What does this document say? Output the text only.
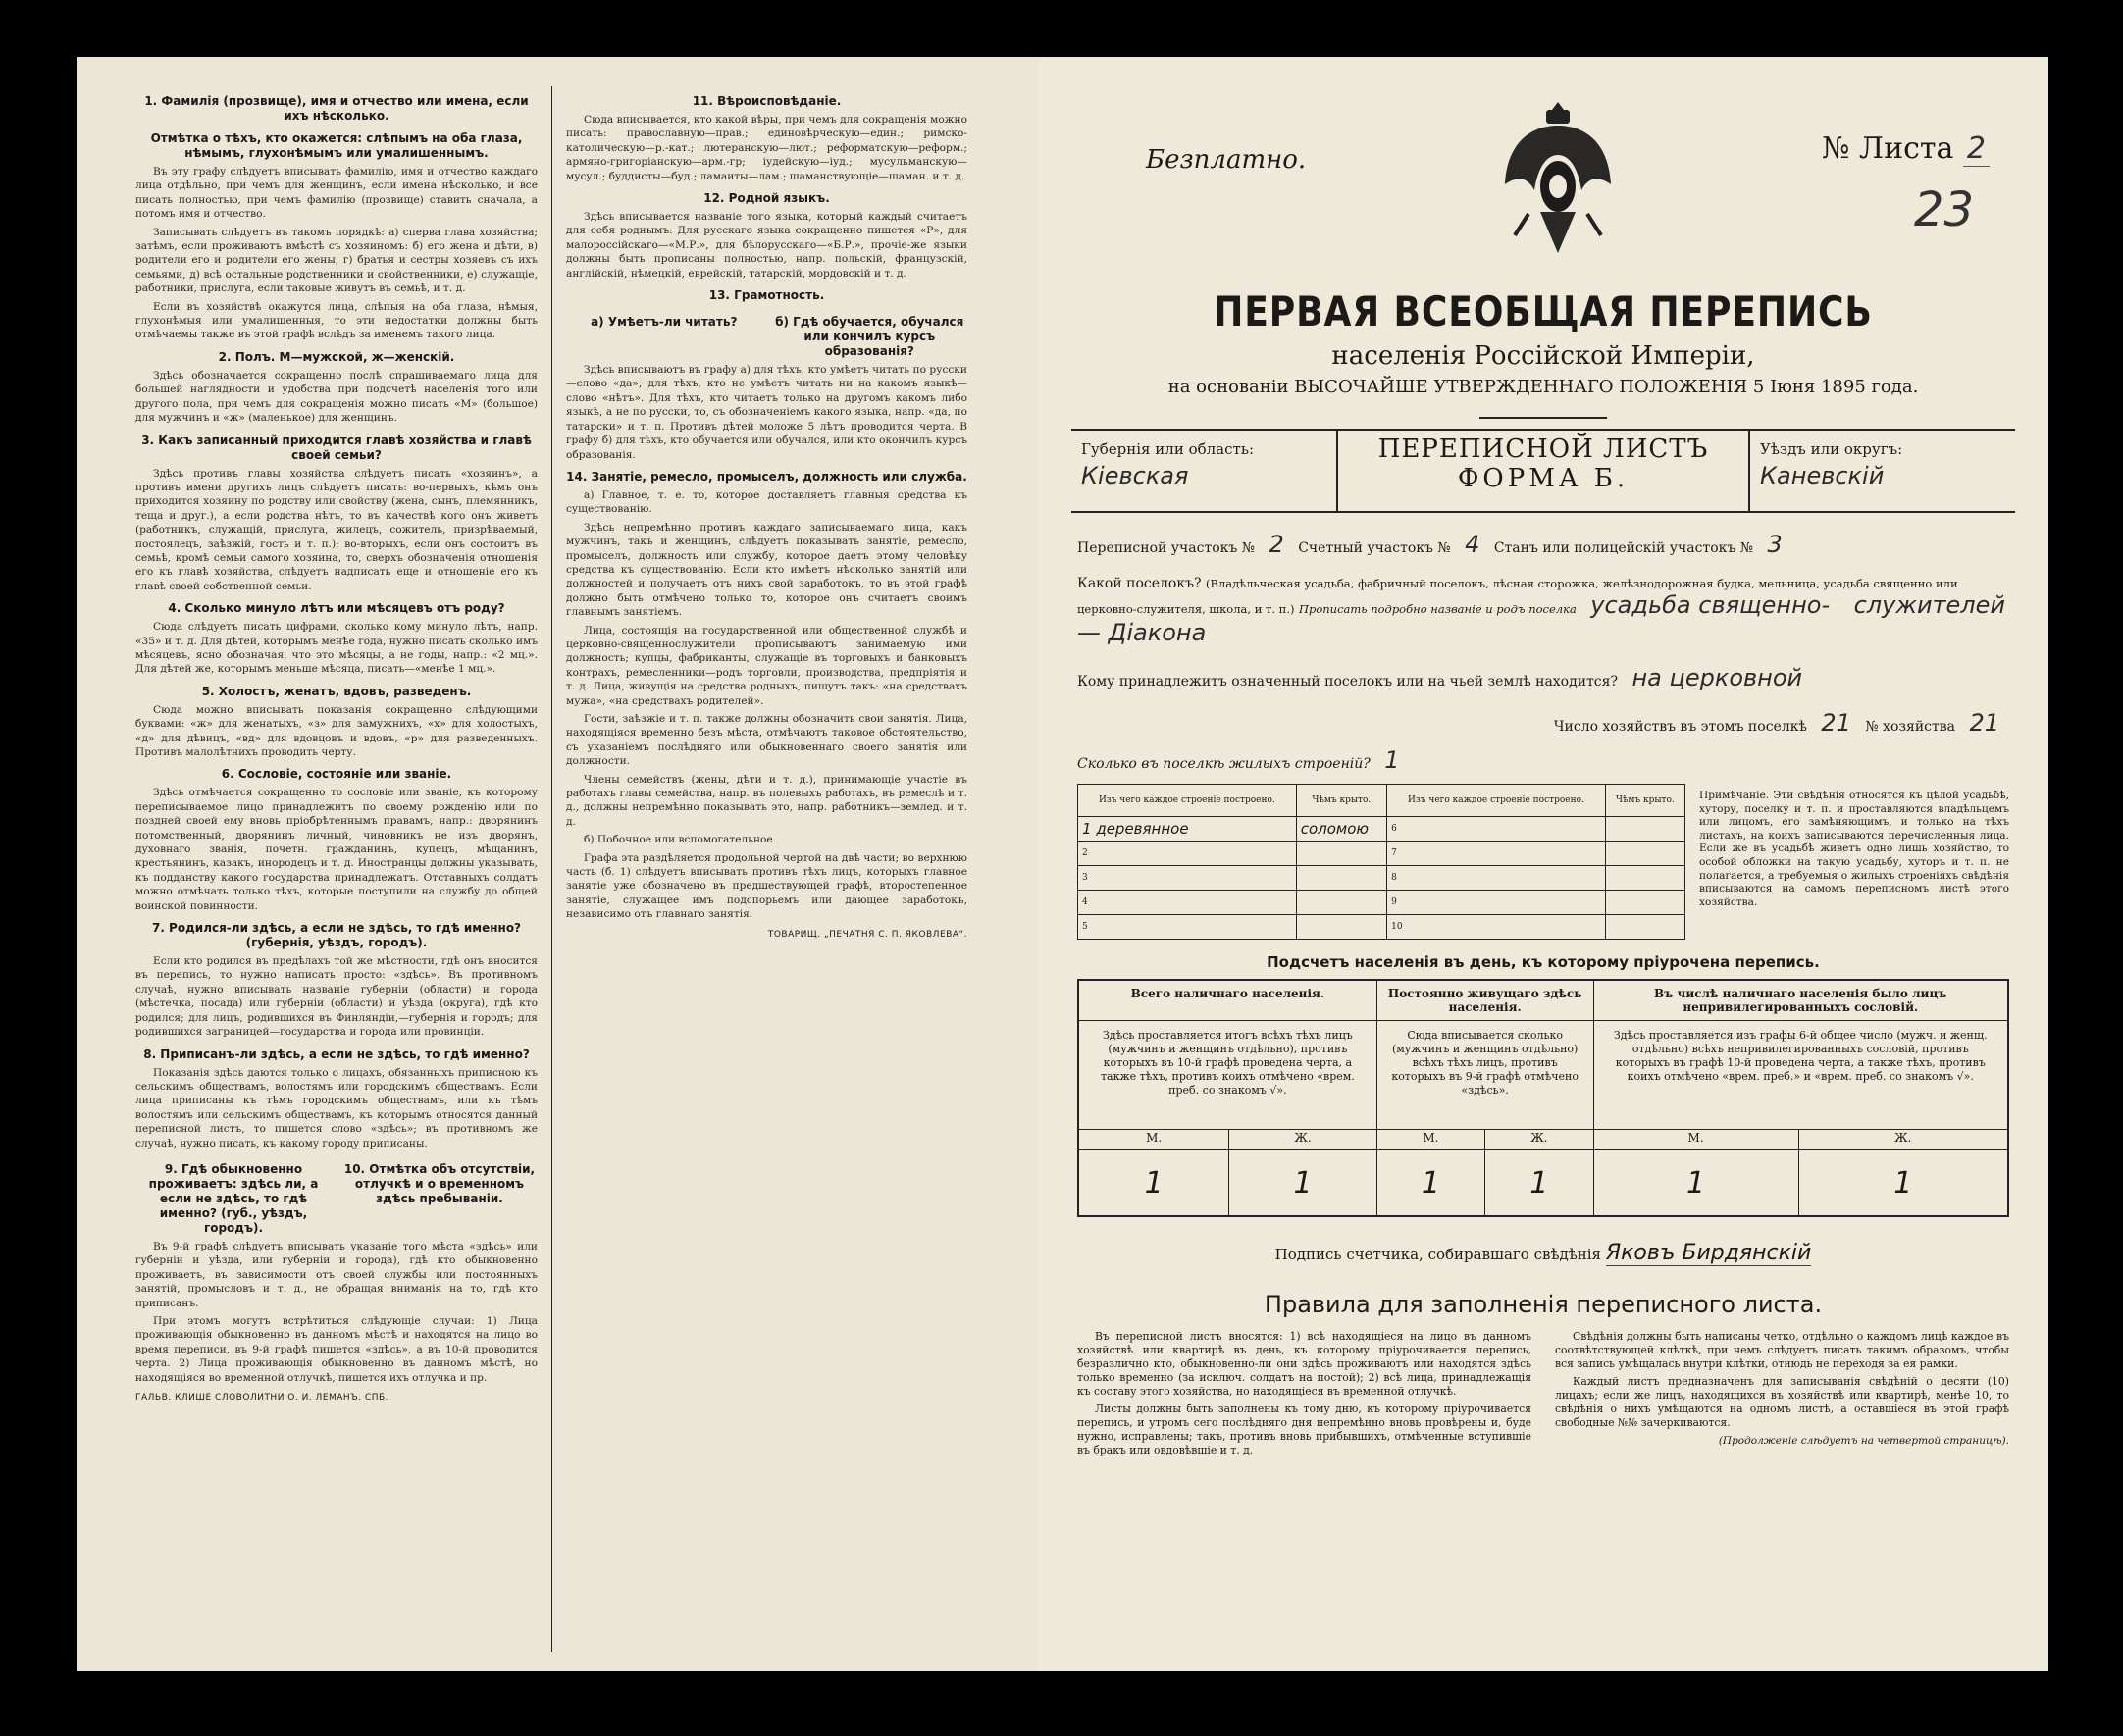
1. Фамилія (прозвище), имя и отчество или имена, если ихъ нѣсколько.
Отмѣтка о тѣхъ, кто окажется: слѣпымъ на оба глаза, нѣмымъ, глухонѣмымъ или умалишеннымъ.

Въ эту графу слѣдуетъ вписывать фамилію, имя и отчество каждаго лица отдѣльно, при чемъ для женщинъ, если имена нѣсколько, и все писать полностью, при чемъ фамилію (прозвище) ставить сначала, а потомъ имя и отчество.

Записывать слѣдуетъ въ такомъ порядкѣ: а) сперва глава хозяйства; затѣмъ, если проживаютъ вмѣстѣ съ хозяиномъ: б) его жена и дѣти, в) родители его и родители его жены, г) братья и сестры хозяевъ съ ихъ семьями, д) всѣ остальные родственники и свойственники, е) служащіе, работники, прислуга, если таковые живутъ въ семьѣ, и т. д.

Если въ хозяйствѣ окажутся лица, слѣпыя на оба глаза, нѣмыя, глухонѣмыя или умалишенныя, то эти недостатки должны быть отмѣчаемы также въ этой графѣ вслѣдъ за именемъ такого лица.

2. Полъ. М—мужской, ж—женскій.

Здѣсь обозначается сокращенно послѣ спрашиваемаго лица для большей наглядности и удобства при подсчетѣ населенія того или другого пола, при чемъ для сокращенія можно писать «М» (большое) для мужчинъ и «ж» (маленькое) для женщинъ.

3. Какъ записанный приходится главѣ хозяйства и главѣ своей семьи?

Здѣсь противъ главы хозяйства слѣдуетъ писать «хозяинъ», а противъ имени другихъ лицъ слѣдуетъ писать: во-первыхъ, кѣмъ онъ приходится хозяину по родству или свойству (жена, сынъ, племянникъ, теща и друг.), а если родства нѣтъ, то въ качествѣ кого онъ живетъ (работникъ, служащій, прислуга, жилецъ, сожитель, призрѣваемый, постоялецъ, заѣзжій, гость и т. п.); во-вторыхъ, если онъ состоитъ въ семьѣ, кромѣ семьи самого хозяина, то, сверхъ обозначенія отношенія его къ главѣ хозяйства, слѣдуетъ надписать еще и отношеніе его къ главѣ своей собственной семьи.

4. Сколько минуло лѣтъ или мѣсяцевъ отъ роду?

Сюда слѣдуетъ писать цифрами, сколько кому минуло лѣтъ, напр. «35» и т. д. Для дѣтей, которымъ менѣе года, нужно писать сколько имъ мѣсяцевъ, ясно обозначая, что это мѣсяцы, а не годы, напр.: «2 мц.». Для дѣтей же, которымъ меньше мѣсяца, писать—«менѣе 1 мц.».

5. Холостъ, женатъ, вдовъ, разведенъ.

Сюда можно вписывать показанія сокращенно слѣдующими буквами: «ж» для женатыхъ, «з» для замужнихъ, «х» для холостыхъ, «д» для дѣвицъ, «вд» для вдовцовъ и вдовъ, «р» для разведенныхъ. Противъ малолѣтнихъ проводить черту.

6. Сословіе, состояніе или званіе.

Здѣсь отмѣчается сокращенно то сословіе или званіе, къ которому переписываемое лицо принадлежитъ по своему рожденію или по поздней своей ему вновь пріобрѣтеннымъ правамъ, напр.: дворянинъ потомственный, дворянинъ личный, чиновникъ не изъ дворянъ, духовнаго званія, почетн. гражданинъ, купецъ, мѣщанинъ, крестьянинъ, казакъ, инородецъ и т. д. Иностранцы должны указывать, къ подданству какого государства принадлежатъ. Отставныхъ солдатъ можно отмѣчать только тѣхъ, которые поступили на службу до общей воинской повинности.

7. Родился-ли здѣсь, а если не здѣсь, то гдѣ именно? (губернія, уѣздъ, городъ).

Если кто родился въ предѣлахъ той же мѣстности, гдѣ онъ вносится въ перепись, то нужно написать просто: «здѣсь». Въ противномъ случаѣ, нужно вписывать названіе губерніи (области) и города (мѣстечка, посада) или губерніи (области) и уѣзда (округа), гдѣ кто родился; для лицъ, родившихся въ Финляндіи,—губернія и городъ; для родившихся заграницей—государства и города или провинціи.

8. Приписанъ-ли здѣсь, а если не здѣсь, то гдѣ именно?

Показанія здѣсь даются только о лицахъ, обязанныхъ приписною къ сельскимъ обществамъ, волостямъ или городскимъ обществамъ. Если лица приписаны къ тѣмъ городскимъ обществамъ, или къ тѣмъ волостямъ или сельскимъ обществамъ, къ которымъ относятся данный переписной листъ, то пишется слово «здѣсь»; въ противномъ же случаѣ, нужно писать, къ какому городу приписаны.

9. Гдѣ обыкновенно проживаетъ: здѣсь ли, а если не здѣсь, то гдѣ именно? (губ., уѣздъ, городъ).
10. Отмѣтка объ отсутствіи, отлучкѣ и о временномъ здѣсь пребываніи.

Въ 9-й графѣ слѣдуетъ вписывать указаніе того мѣста «здѣсь» или губерніи и уѣзда, или губерніи и города), гдѣ кто обыкновенно проживаетъ, въ зависимости отъ своей службы или постоянныхъ занятій, промысловъ и т. д., не обращая вниманія на то, гдѣ кто приписанъ.

При этомъ могутъ встрѣтиться слѣдующіе случаи: 1) Лица проживающія обыкновенно въ данномъ мѣстѣ и находятся на лицо во время переписи, въ 9-й графѣ пишется «здѣсь», а въ 10-й проводится черта. 2) Лица проживающія обыкновенно въ данномъ мѣстѣ, но находящіяся во временной отлучкѣ, пишется ихъ отлучка и пр.

ГАЛЬВ. КЛИШЕ СЛОВОЛИТНИ О. И. ЛЕМАНЪ. СПБ.
11. Вѣроисповѣданіе.

Сюда вписывается, кто какой вѣры, при чемъ для сокращенія можно писать: православную—прав.; единовѣрческую—един.; римско-католическую—р.-кат.; лютеранскую—лют.; реформатскую—реформ.; армяно-григоріанскую—арм.-гр; іудейскую—іуд.; мусульманскую—мусул.; буддисты—буд.; ламаиты—лам.; шаманствующіе—шаман. и т. д.

12. Родной языкъ.

Здѣсь вписывается названіе того языка, который каждый считаетъ для себя роднымъ. Для русскаго языка сокращенно пишется «Р», для малороссійскаго—«М.Р.», для бѣлорусскаго—«Б.Р.», прочіе-же языки должны быть прописаны полностью, напр. польскій, французскій, англійскій, нѣмецкій, еврейскій, татарскій, мордовскій и т. д.

13. Грамотность.
а) Умѣетъ-ли читать?	б) Гдѣ обучается, обучался или кончилъ курсъ образованія?

Здѣсь вписываютъ въ графу а) для тѣхъ, кто умѣетъ читать по русски—слово «да»; для тѣхъ, кто не умѣетъ читать ни на какомъ языкѣ—слово «нѣтъ». Для тѣхъ, кто читаетъ только на другомъ какомъ либо языкѣ, а не по русски, то, съ обозначеніемъ какого языка, напр. «да, по татарски» и т. п. Противъ дѣтей моложе 5 лѣтъ проводится черта. В графу б) для тѣхъ, кто обучается или обучался, или кто окончилъ курсъ образованія.

14. Занятіе, ремесло, промыселъ, должность или служба.

а) Главное, т. е. то, которое доставляетъ главныя средства къ существованію.

Здѣсь непремѣнно противъ каждаго записываемаго лица, какъ мужчинъ, такъ и женщинъ, слѣдуетъ показывать занятіе, ремесло, промыселъ, должность или службу, которое даетъ этому человѣку средства къ существованію. Если кто имѣетъ нѣсколько занятій или должностей и получаетъ отъ нихъ свой заработокъ, то въ этой графѣ должно быть отмѣчено только то, которое онъ считаетъ своимъ главнымъ занятіемъ.

Лица, состоящія на государственной или общественной службѣ и церковно-священнослужители прописываютъ занимаемую ими должность; купцы, фабриканты, служащіе въ торговыхъ и банковыхъ контрахъ, ремесленники—родъ торговли, производства, предпріятія и т. д. Лица, живущія на средства родныхъ, пишутъ такъ: «на средствахъ мужа», «на средствахъ родителей».

Гости, заѣзжіе и т. п. также должны обозначить свои занятія. Лица, находящіяся временно безъ мѣста, отмѣчаютъ таковое обстоятельство, съ указаніемъ послѣдняго или обыкновеннаго своего занятія или должности.

Члены семействъ (жены, дѣти и т. д.), принимающіе участіе въ работахъ главы семейства, напр. въ полевыхъ работахъ, въ ремеслѣ и т. д., должны непремѣнно показывать это, напр. работникъ—землед. и т. д.

б) Побочное или вспомогательное.

Графа эта раздѣляется продольной чертой на двѣ части; во верхнюю часть (б. 1) слѣдуетъ вписывать противъ тѣхъ лицъ, которыхъ главное занятіе уже обозначено въ предшествующей графѣ, второстепенное занятіе, служащее имъ подспорьемъ или дающее заработокъ, независимо отъ главнаго занятія.

ТОВАРИЩ. „ПЕЧАТНЯ С. П. ЯКОВЛЕВА“.
Безплатно.	№ Листа 2
23
ПЕРВАЯ ВСЕОБЩАЯ ПЕРЕПИСЬ
населенія Россійской Имперіи,
на основаніи ВЫСОЧАЙШЕ УТВЕРЖДЕННАГО ПОЛОЖЕНІЯ 5 Іюня 1895 года.
Губернія или область:
Кіевская
ПЕРЕПИСНОЙ ЛИСТЪ
ФОРМА Б.
Уѣздъ или округъ:
Каневскій
Переписной участокъ № 2 Счетный участокъ № 4 Станъ или полицейскій участокъ № 3
Какой поселокъ? (Владѣльческая усадьба, фабричный поселокъ, лѣсная сторожка, желѣзнодорожная будка, мельница, усадьба священно или церковно-служителя, школа, и т. п.) Прописать подробно названіе и родъ поселка усадьба священно- служителей — Діакона
Кому принадлежитъ означенный поселокъ или на чьей землѣ находится? на церковной
Число хозяйствъ въ этомъ поселкѣ 21 № хозяйства 21
Сколько въ поселкѣ жилыхъ строеній? 1
Изъ чего каждое строеніе построено.	Чѣмъ крыто.	Изъ чего каждое строеніе построено.	Чѣмъ крыто.
1 деревянное	соломою	6	
2		7	
3		8	
4		9	
5		10	
Примѣчаніе. Эти свѣдѣнія относятся къ цѣлой усадьбѣ, хутору, поселку и т. п. и проставляются владѣльцемъ или лицомъ, его замѣняющимъ, и только на тѣхъ листахъ, на коихъ записываются перечисленныя лица. Если же въ усадьбѣ живетъ одно лишь хозяйство, то особой обложки на такую усадьбу, хуторъ и т. п. не полагается, а требуемыя о жилыхъ строеніяхъ свѣдѣнія вписываются на самомъ переписномъ листѣ этого хозяйства.
Подсчетъ населенія въ день, къ которому пріурочена перепись.
Всего наличнаго населенія.		Постоянно живущаго здѣсь населенія.		Въ числѣ наличнаго населенія было лицъ непривилегированныхъ сословій.	
Здѣсь проставляется итогъ всѣхъ тѣхъ лицъ (мужчинъ и женщинъ отдѣльно), противъ которыхъ въ 10-й графѣ проведена черта, а также тѣхъ, противъ коихъ отмѣчено «врем. преб. со знакомъ √».		Сюда вписывается сколько (мужчинъ и женщинъ отдѣльно) всѣхъ тѣхъ лицъ, противъ которыхъ въ 9-й графѣ отмѣчено «здѣсь».		Здѣсь проставляется изъ графы 6-й общее число (мужч. и женщ. отдѣльно) всѣхъ непривилегированныхъ сословій, противъ которыхъ въ графѣ 10-й проведена черта, а также тѣхъ, противъ коихъ отмѣчено «врем. преб.» и «врем. преб. со знакомъ √».	
М.	Ж.	М.	Ж.	М.	Ж.
1	1	1	1	1	1
Подпись счетчика, собиравшаго свѣдѣнія Яковъ Бирдянскій
Правила для заполненія переписного листа.

Въ переписной листъ вносятся: 1) всѣ находящіеся на лицо въ данномъ хозяйствѣ или квартирѣ въ день, къ которому пріурочивается перепись, безразлично кто, обыкновенно-ли они здѣсь проживаютъ или находятся здѣсь только временно (за исключ. солдатъ на постой); 2) всѣ лица, принадлежащія къ составу этого хозяйства, но находящіеся въ временной отлучкѣ.

Листы должны быть заполнены къ тому дню, къ которому пріурочивается перепись, и утромъ сего послѣдняго дня непремѣнно вновь провѣрены и, буде нужно, исправлены; такъ, противъ вновь прибывшихъ, отмѣченные вступившіе въ бракъ или овдовѣвшіе и т. д.

Свѣдѣнія должны быть написаны четко, отдѣльно о каждомъ лицѣ каждое въ соотвѣтствующей клѣткѣ, при чемъ слѣдуетъ писать такимъ образомъ, чтобы вся запись умѣщалась внутри клѣтки, отнюдь не переходя за ея рамки.

Каждый листъ предназначенъ для записыванія свѣдѣній о десяти (10) лицахъ; если же лицъ, находящихся въ хозяйствѣ или квартирѣ, менѣе 10, то свѣдѣнія о нихъ умѣщаются на одномъ листѣ, а оставшіеся въ этой графѣ свободные №№ зачеркиваются.

(Продолженіе слѣдуетъ на четвертой страницѣ).
